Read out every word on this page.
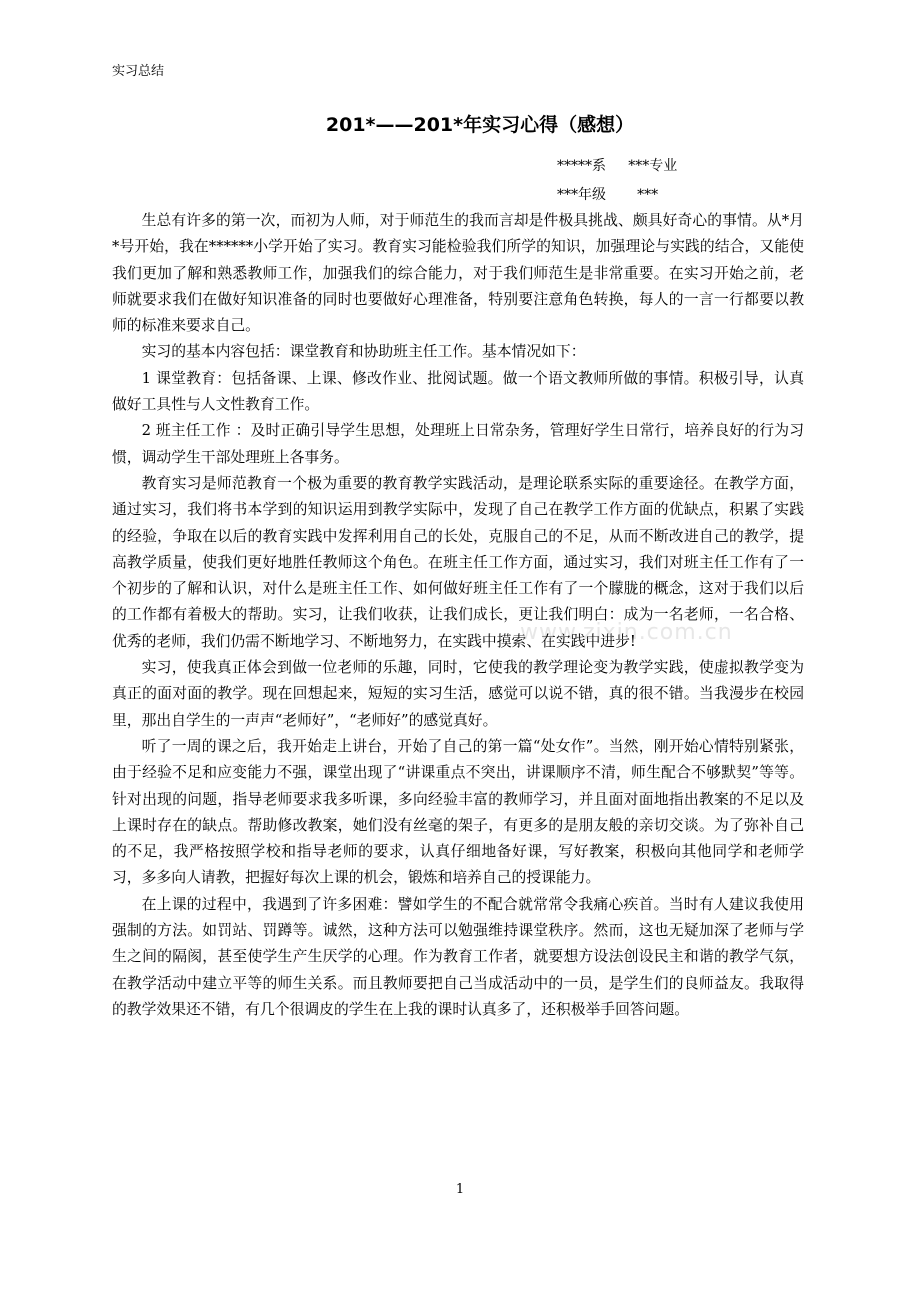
实习总结
201*——201*年实习心得（感想）
*****系     ***专业
***年级       ***

生总有许多的第一次，而初为人师，对于师范生的我而言却是件极具挑战、颇具好奇心的事情。从*月*号开始，我在******小学开始了实习。教育实习能检验我们所学的知识，加强理论与实践的结合，又能使我们更加了解和熟悉教师工作，加强我们的综合能力，对于我们师范生是非常重要。在实习开始之前，老师就要求我们在做好知识准备的同时也要做好心理准备，特别要注意角色转换，每人的一言一行都要以教师的标准来要求自己。

实习的基本内容包括：课堂教育和协助班主任工作。基本情况如下：

1 课堂教育：包括备课、上课、修改作业、批阅试题。做一个语文教师所做的事情。积极引导，认真做好工具性与人文性教育工作。

2 班主任工作 ：及时正确引导学生思想，处理班上日常杂务，管理好学生日常行，培养良好的行为习惯，调动学生干部处理班上各事务。

教育实习是师范教育一个极为重要的教育教学实践活动，是理论联系实际的重要途径。在教学方面，通过实习，我们将书本学到的知识运用到教学实际中，发现了自己在教学工作方面的优缺点，积累了实践的经验，争取在以后的教育实践中发挥利用自己的长处，克服自己的不足，从而不断改进自己的教学，提高教学质量，使我们更好地胜任教师这个角色。在班主任工作方面，通过实习，我们对班主任工作有了一个初步的了解和认识，对什么是班主任工作、如何做好班主任工作有了一个朦胧的概念，这对于我们以后的工作都有着极大的帮助。实习，让我们收获，让我们成长，更让我们明白：成为一名老师，一名合格、优秀的老师，我们仍需不断地学习、不断地努力，在实践中摸索、在实践中进步!

实习，使我真正体会到做一位老师的乐趣，同时，它使我的教学理论变为教学实践，使虚拟教学变为真正的面对面的教学。现在回想起来，短短的实习生活，感觉可以说不错，真的很不错。当我漫步在校园里，那出自学生的一声声“老师好”，“老师好”的感觉真好。

听了一周的课之后，我开始走上讲台，开始了自己的第一篇“处女作”。当然，刚开始心情特别紧张，由于经验不足和应变能力不强，课堂出现了“讲课重点不突出，讲课顺序不清，师生配合不够默契”等等。针对出现的问题，指导老师要求我多听课，多向经验丰富的教师学习，并且面对面地指出教案的不足以及上课时存在的缺点。帮助修改教案，她们没有丝毫的架子，有更多的是朋友般的亲切交谈。为了弥补自己的不足，我严格按照学校和指导老师的要求，认真仔细地备好课，写好教案，积极向其他同学和老师学习，多多向人请教，把握好每次上课的机会，锻炼和培养自己的授课能力。

在上课的过程中，我遇到了许多困难：譬如学生的不配合就常常令我痛心疾首。当时有人建议我使用强制的方法。如罚站、罚蹲等。诚然，这种方法可以勉强维持课堂秩序。然而，这也无疑加深了老师与学生之间的隔阂，甚至使学生产生厌学的心理。作为教育工作者，就要想方设法创设民主和谐的教学气氛，在教学活动中建立平等的师生关系。而且教师要把自己当成活动中的一员，是学生们的良师益友。我取得的教学效果还不错，有几个很调皮的学生在上我的课时认真多了，还积极举手回答问题。

www.zixin.com.cn
1
